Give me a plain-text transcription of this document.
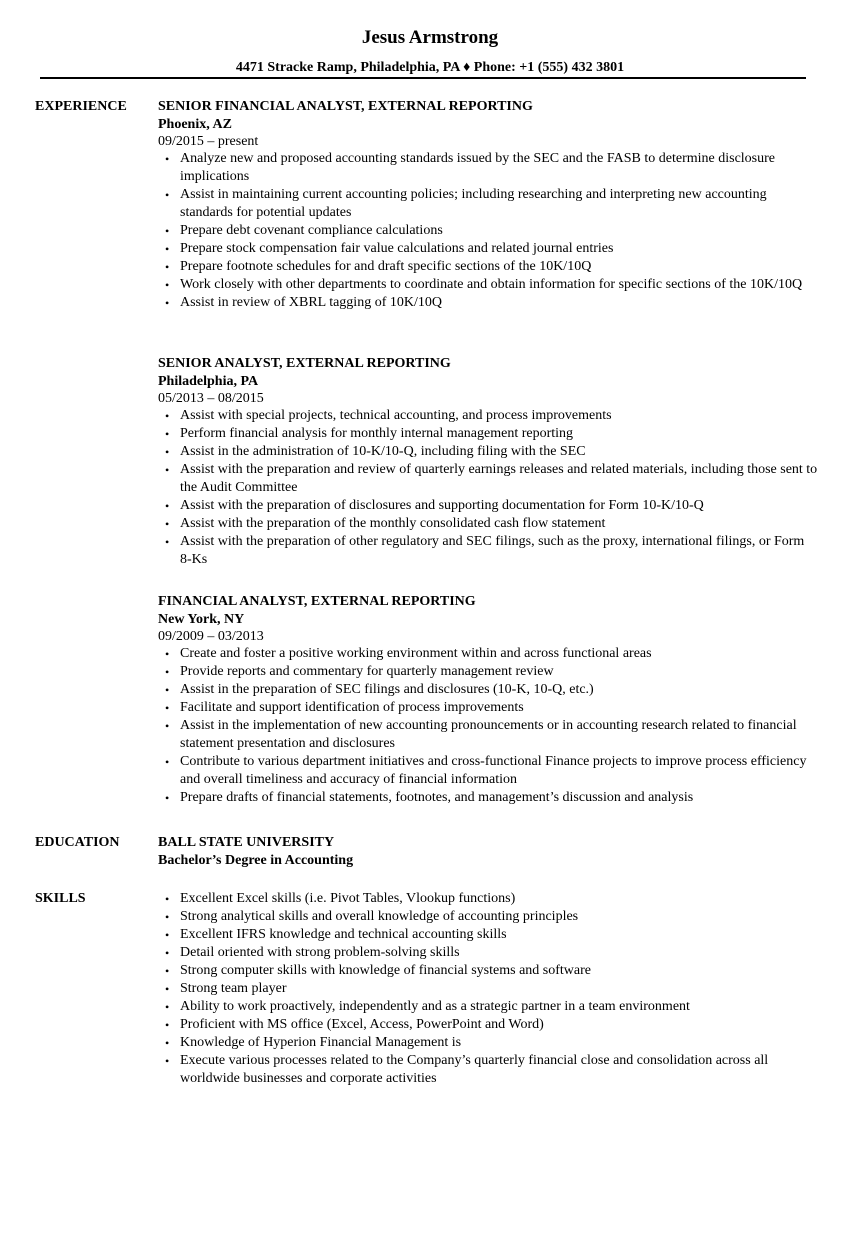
Jesus Armstrong
4471 Stracke Ramp, Philadelphia, PA ♦ Phone: +1 (555) 432 3801
EXPERIENCE SENIOR FINANCIAL ANALYST, EXTERNAL REPORTING
Phoenix, AZ
09/2015 – present
• Analyze new and proposed accounting standards issued by the SEC and the FASB to determine disclosure implications
• Assist in maintaining current accounting policies; including researching and interpreting new accounting standards for potential updates
• Prepare debt covenant compliance calculations
• Prepare stock compensation fair value calculations and related journal entries
• Prepare footnote schedules for and draft specific sections of the 10K/10Q
• Work closely with other departments to coordinate and obtain information for specific sections of the 10K/10Q
• Assist in review of XBRL tagging of 10K/10Q
SENIOR ANALYST, EXTERNAL REPORTING
Philadelphia, PA
05/2013 – 08/2015
• Assist with special projects, technical accounting, and process improvements
• Perform financial analysis for monthly internal management reporting
• Assist in the administration of 10-K/10-Q, including filing with the SEC
• Assist with the preparation and review of quarterly earnings releases and related materials, including those sent to the Audit Committee
• Assist with the preparation of disclosures and supporting documentation for Form 10-K/10-Q
• Assist with the preparation of the monthly consolidated cash flow statement
• Assist with the preparation of other regulatory and SEC filings, such as the proxy, international filings, or Form 8-Ks
FINANCIAL ANALYST, EXTERNAL REPORTING
New York, NY
09/2009 – 03/2013
• Create and foster a positive working environment within and across functional areas
• Provide reports and commentary for quarterly management review
• Assist in the preparation of SEC filings and disclosures (10-K, 10-Q, etc.)
• Facilitate and support identification of process improvements
• Assist in the implementation of new accounting pronouncements or in accounting research related to financial statement presentation and disclosures
• Contribute to various department initiatives and cross-functional Finance projects to improve process efficiency and overall timeliness and accuracy of financial information
• Prepare drafts of financial statements, footnotes, and management’s discussion and analysis
EDUCATION	BALL STATE UNIVERSITY
Bachelor’s Degree in Accounting
SKILLS	• Excellent Excel skills (i.e. Pivot Tables, Vlookup functions)
• Strong analytical skills and overall knowledge of accounting principles
• Excellent IFRS knowledge and technical accounting skills
• Detail oriented with strong problem-solving skills
• Strong computer skills with knowledge of financial systems and software
• Strong team player
• Ability to work proactively, independently and as a strategic partner in a team environment
• Proficient with MS office (Excel, Access, PowerPoint and Word)
• Knowledge of Hyperion Financial Management is
• Execute various processes related to the Company’s quarterly financial close and consolidation across all worldwide businesses and corporate activities
